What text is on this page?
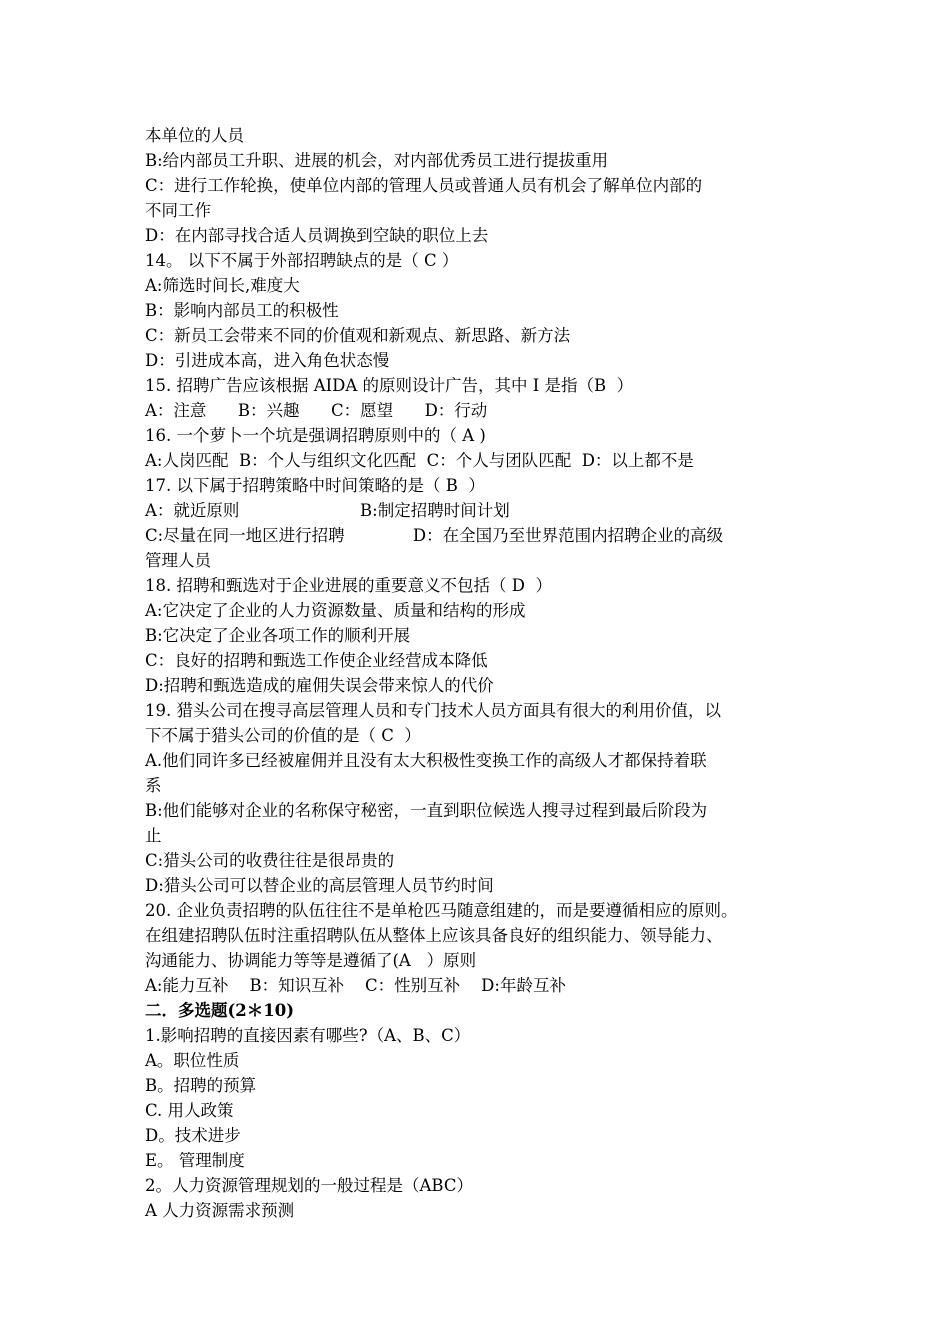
本单位的人员
B:给内部员工升职、进展的机会，对内部优秀员工进行提拔重用
C：进行工作轮换，使单位内部的管理人员或普通人员有机会了解单位内部的
不同工作
D：在内部寻找合适人员调换到空缺的职位上去
14。 以下不属于外部招聘缺点的是（ C ）
A:筛选时间长,难度大
B：影响内部员工的积极性
C：新员工会带来不同的价值观和新观点、新思路、新方法
D：引进成本高，进入角色状态慢
15. 招聘广告应该根据 AIDA 的原则设计广告，其中 I 是指（B  ）
A：注意      B：兴趣      C：愿望      D：行动
16. 一个萝卜一个坑是强调招聘原则中的（ A )
A:人岗匹配  B：个人与组织文化匹配  C：个人与团队匹配  D：以上都不是
17. 以下属于招聘策略中时间策略的是（ B  ）
A：就近原则                       B:制定招聘时间计划
C:尽量在同一地区进行招聘             D：在全国乃至世界范围内招聘企业的高级
管理人员
18. 招聘和甄选对于企业进展的重要意义不包括（ D  ）
A:它决定了企业的人力资源数量、质量和结构的形成
B:它决定了企业各项工作的顺利开展
C：良好的招聘和甄选工作使企业经营成本降低
D:招聘和甄选造成的雇佣失误会带来惊人的代价
19. 猎头公司在搜寻高层管理人员和专门技术人员方面具有很大的利用价值，以
下不属于猎头公司的价值的是（ C  ）
A.他们同许多已经被雇佣并且没有太大积极性变换工作的高级人才都保持着联
系
B:他们能够对企业的名称保守秘密，一直到职位候选人搜寻过程到最后阶段为
止
C:猎头公司的收费往往是很昂贵的
D:猎头公司可以替企业的高层管理人员节约时间
20. 企业负责招聘的队伍往往不是单枪匹马随意组建的，而是要遵循相应的原则。
在组建招聘队伍时注重招聘队伍从整体上应该具备良好的组织能力、领导能力、
沟通能力、协调能力等等是遵循了(A   ）原则
A:能力互补    B：知识互补    C：性别互补    D:年龄互补
二．多选题(2＊10)
1.影响招聘的直接因素有哪些?（A、B、C）
A。职位性质
B。招聘的预算
C. 用人政策
D。技术进步
E。 管理制度
2。人力资源管理规划的一般过程是（ABC）
A 人力资源需求预测
